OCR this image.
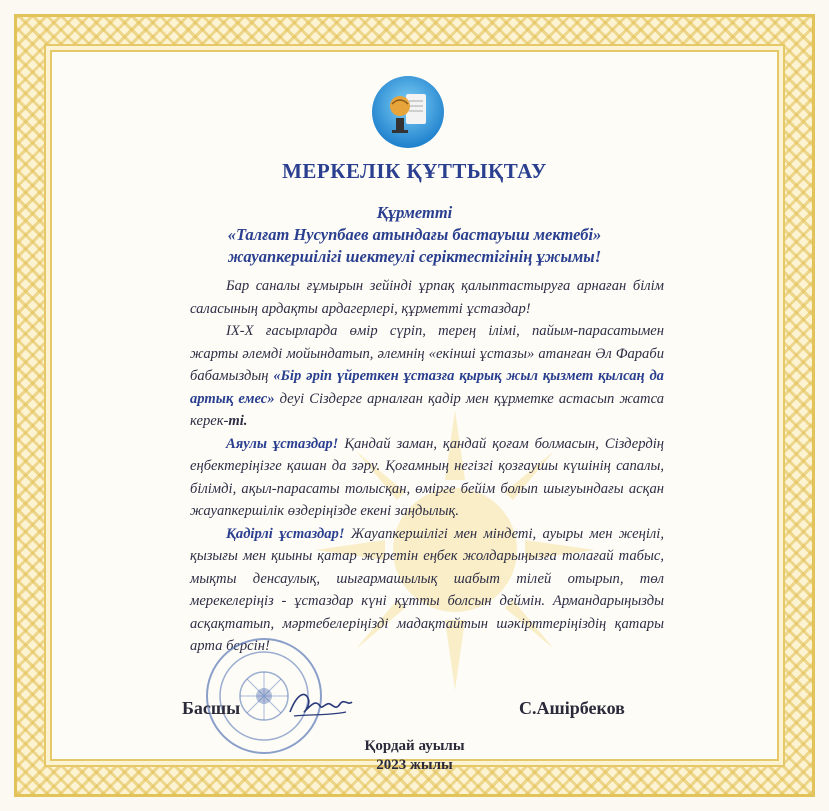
МЕРКЕЛІК ҚҰТТЫҚТАУ
Құрметті
«Талғат Нусупбаев атындағы бастауыш мектебі»
жауапкершілігі шектеулі серіктестігінің ұжымы!

Бар саналы ғұмырын зейінді ұрпақ қалыптастыруға арнаған білім саласының ардақты ардагерлері, құрметті ұстаздар!

IX-X ғасырларда өмір сүріп, терең ілімі, пайым-парасатымен жарты әлемді мойындатып, әлемнің «екінші ұстазы» атанған Әл Фараби бабамыздың «Бір әріп үйреткен ұстазға қырық жыл қызмет қылсаң да артық емес» деуі Сіздерге арналған қадір мен құрметке астасып жатса керек-ті.

Аяулы ұстаздар! Қандай заман, қандай қоғам болмасын, Сіздердің еңбектеріңізге қашан да зәру. Қоғамның негізгі қозғаушы күшінің сапалы, білімді, ақыл-парасаты толысқан, өмірге бейім болып шығуындағы асқан жауапкершілік өздеріңізде екені заңдылық.

Қадірлі ұстаздар! Жауапкершілігі мен міндеті, ауыры мен жеңілі, қызығы мен қиыны қатар жүретін еңбек жолдарыңызға толағай табыс, мықты денсаулық, шығармашылық шабыт тілей отырып, төл мерекелеріңіз - ұстаздар күні құтты болсын деймін. Армандарыңызды асқақтатып, мәртебелеріңізді мадақтайтын шәкірттеріңіздің қатары арта берсін!

Басшы	С.Ашірбеков
Қордай ауылы
2023 жылы
